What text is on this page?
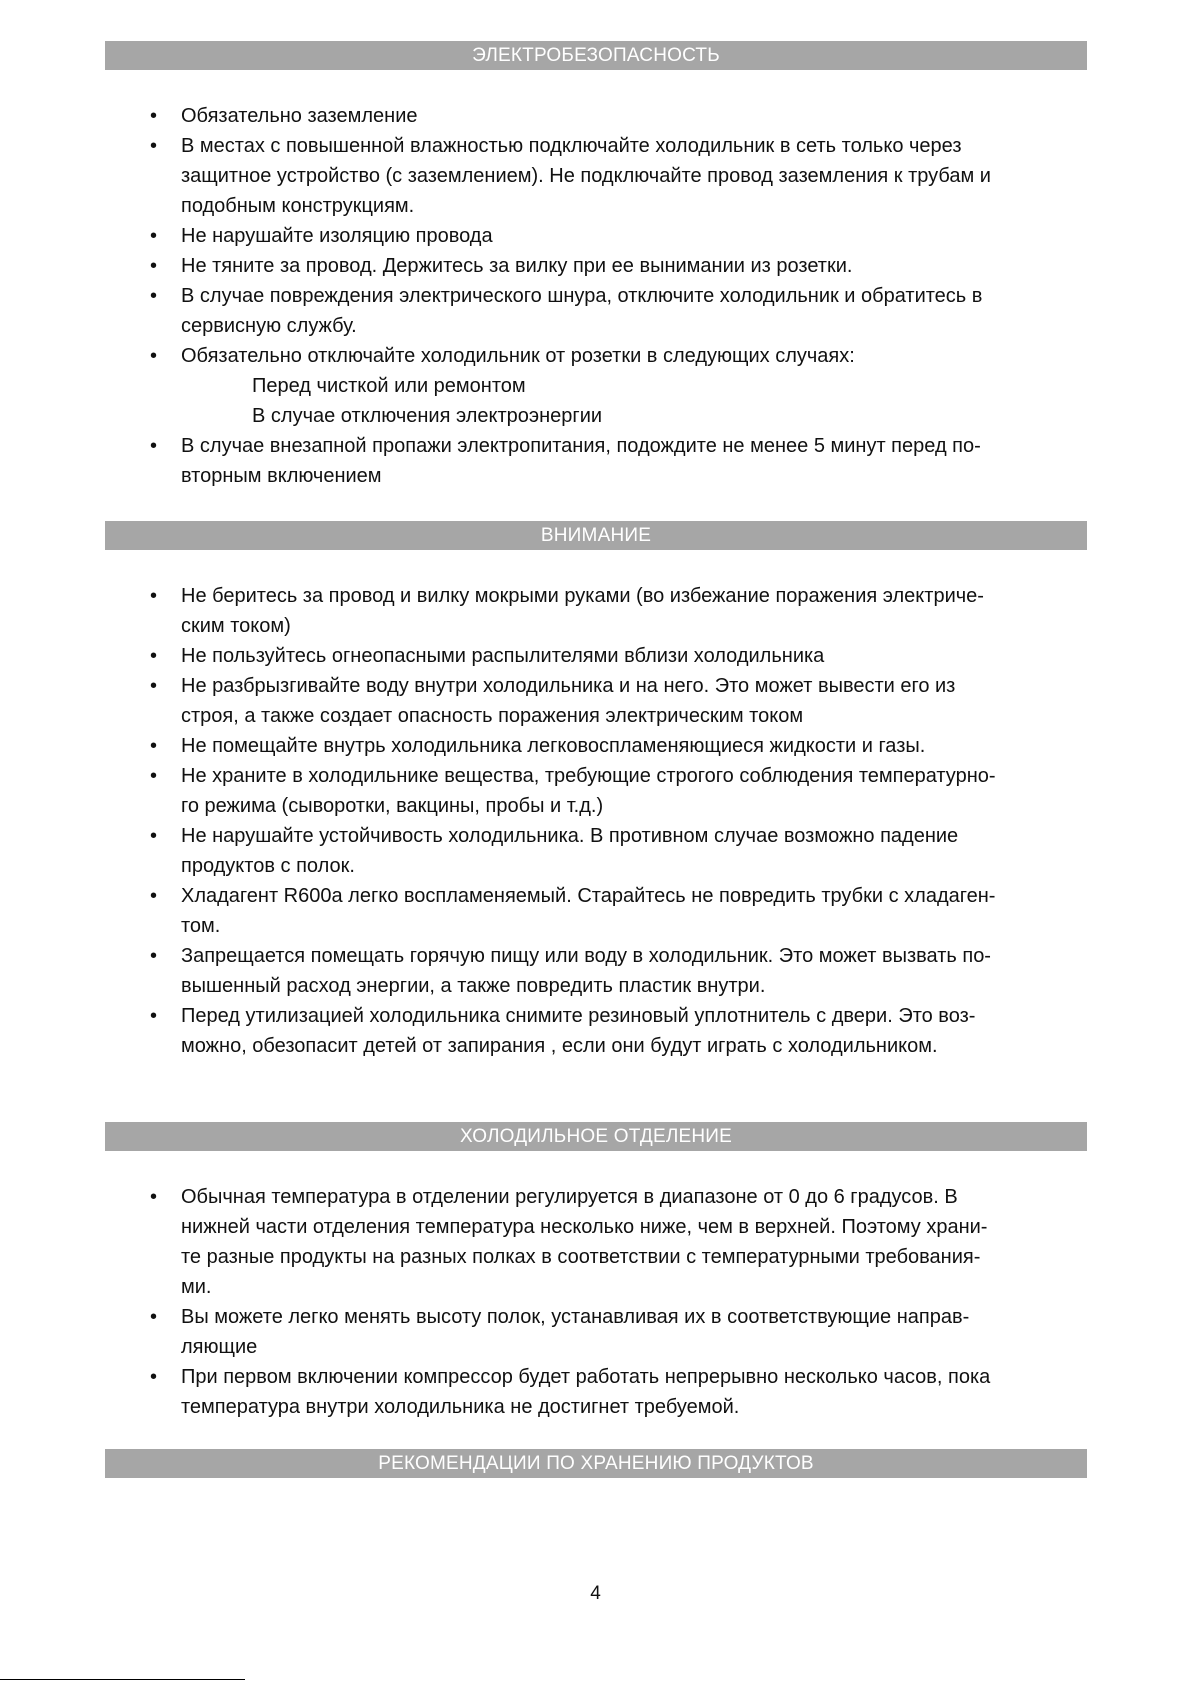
ЭЛЕКТРОБЕЗОПАСНОСТЬ
• Обязательно заземление
• В местах с повышенной влажностью подключайте холодильник в сеть только через
защитное устройство (с заземлением). Не подключайте провод заземления к трубам и
подобным конструкциям.
• Не нарушайте изоляцию провода
• Не тяните за провод. Держитесь за вилку при ее вынимании из розетки.
• В случае повреждения электрического шнура, отключите холодильник и обратитесь в
сервисную службу.
• Обязательно отключайте холодильник от розетки в следующих случаях:
Перед чисткой или ремонтом
В случае отключения электроэнергии
• В случае внезапной пропажи электропитания, подождите не менее 5 минут перед по-
вторным включением
ВНИМАНИЕ
• Не беритесь за провод и вилку мокрыми руками (во избежание поражения электриче-
ским током)
• Не пользуйтесь огнеопасными распылителями вблизи холодильника
• Не разбрызгивайте воду внутри холодильника и на него. Это может вывести его из
строя, а также создает опасность поражения электрическим током
• Не помещайте внутрь холодильника легковоспламеняющиеся жидкости и газы.
• Не храните в холодильнике вещества, требующие строгого соблюдения температурно-
го режима (сыворотки, вакцины, пробы и т.д.)
• Не нарушайте устойчивость холодильника. В противном случае возможно падение
продуктов с полок.
• Хладагент R600a легко воспламеняемый. Старайтесь не повредить трубки с хладаген-
том.
• Запрещается помещать горячую пищу или воду в холодильник. Это может вызвать по-
вышенный расход энергии, а также повредить пластик внутри.
• Перед утилизацией холодильника снимите резиновый уплотнитель с двери. Это воз-
можно, обезопасит детей от запирания , если они будут играть с холодильником.
ХОЛОДИЛЬНОЕ ОТДЕЛЕНИЕ
• Обычная температура в отделении регулируется в диапазоне от 0 до 6 градусов. В
нижней части отделения температура несколько ниже, чем в верхней. Поэтому храни-
те разные продукты на разных полках в соответствии с температурными требования-
ми.
• Вы можете легко менять высоту полок, устанавливая их в соответствующие направ-
ляющие
• При первом включении компрессор будет работать непрерывно несколько часов, пока
температура внутри холодильника не достигнет требуемой.
РЕКОМЕНДАЦИИ ПО ХРАНЕНИЮ ПРОДУКТОВ
4
